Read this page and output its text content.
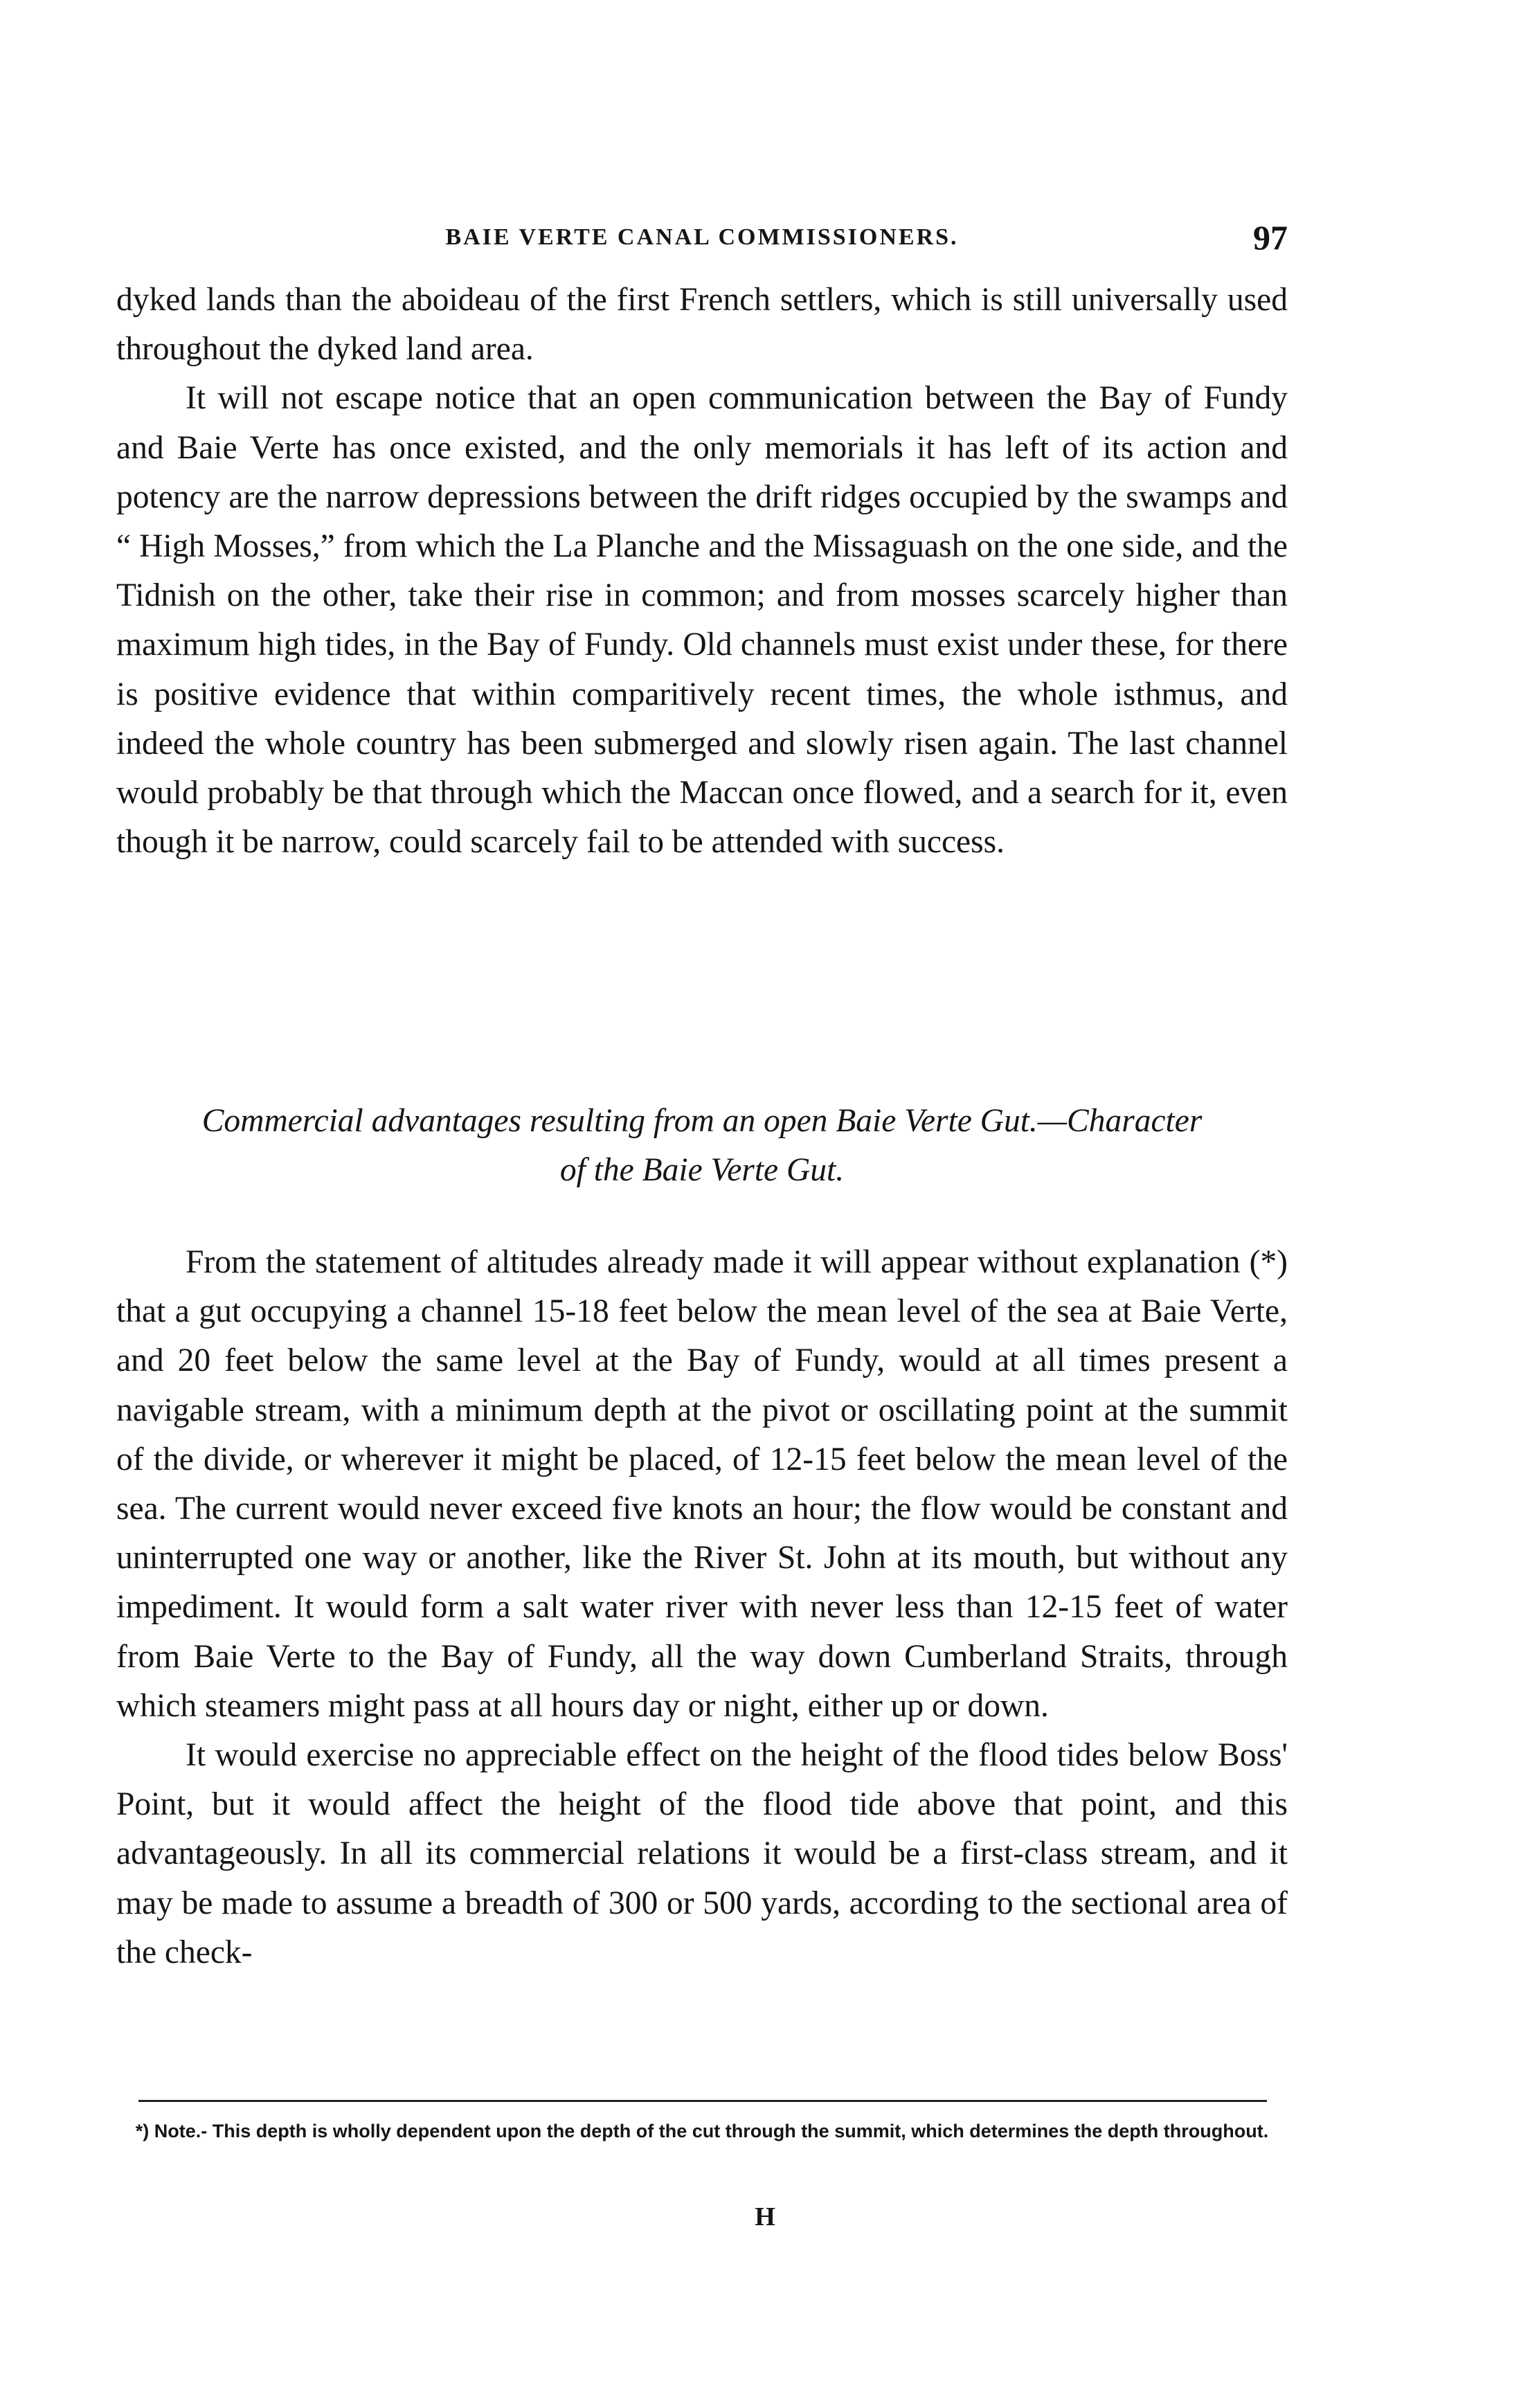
BAIE VERTE CANAL COMMISSIONERS.	97

dyked lands than the aboideau of the first French settlers, which is still universally used throughout the dyked land area.

It will not escape notice that an open communication between the Bay of Fundy and Baie Verte has once existed, and the only memorials it has left of its action and potency are the narrow depressions between the drift ridges occupied by the swamps and “ High Mosses,” from which the La Planche and the Missaguash on the one side, and the Tidnish on the other, take their rise in common; and from mosses scarcely higher than maximum high tides, in the Bay of Fundy. Old channels must exist under these, for there is positive evidence that within comparitively recent times, the whole isthmus, and indeed the whole country has been submerged and slowly risen again. The last channel would probably be that through which the Maccan once flowed, and a search for it, even though it be narrow, could scarcely fail to be attended with success.

Commercial advantages resulting from an open Baie Verte Gut.—Character
of the Baie Verte Gut.

From the statement of altitudes already made it will appear without explanation (*) that a gut occupying a channel 15-18 feet below the mean level of the sea at Baie Verte, and 20 feet below the same level at the Bay of Fundy, would at all times present a navigable stream, with a minimum depth at the pivot or oscillating point at the summit of the divide, or wherever it might be placed, of 12-15 feet below the mean level of the sea. The current would never exceed five knots an hour; the flow would be constant and uninterrupted one way or another, like the River St. John at its mouth, but without any impediment. It would form a salt water river with never less than 12-15 feet of water from Baie Verte to the Bay of Fundy, all the way down Cumberland Straits, through which steamers might pass at all hours day or night, either up or down.

It would exercise no appreciable effect on the height of the flood tides below Boss' Point, but it would affect the height of the flood tide above that point, and this advantageously. In all its commercial relations it would be a first-class stream, and it may be made to assume a breadth of 300 or 500 yards, according to the sectional area of the check-

*) Note.- This depth is wholly dependent upon the depth of the cut through the summit, which determines the depth throughout.
H
